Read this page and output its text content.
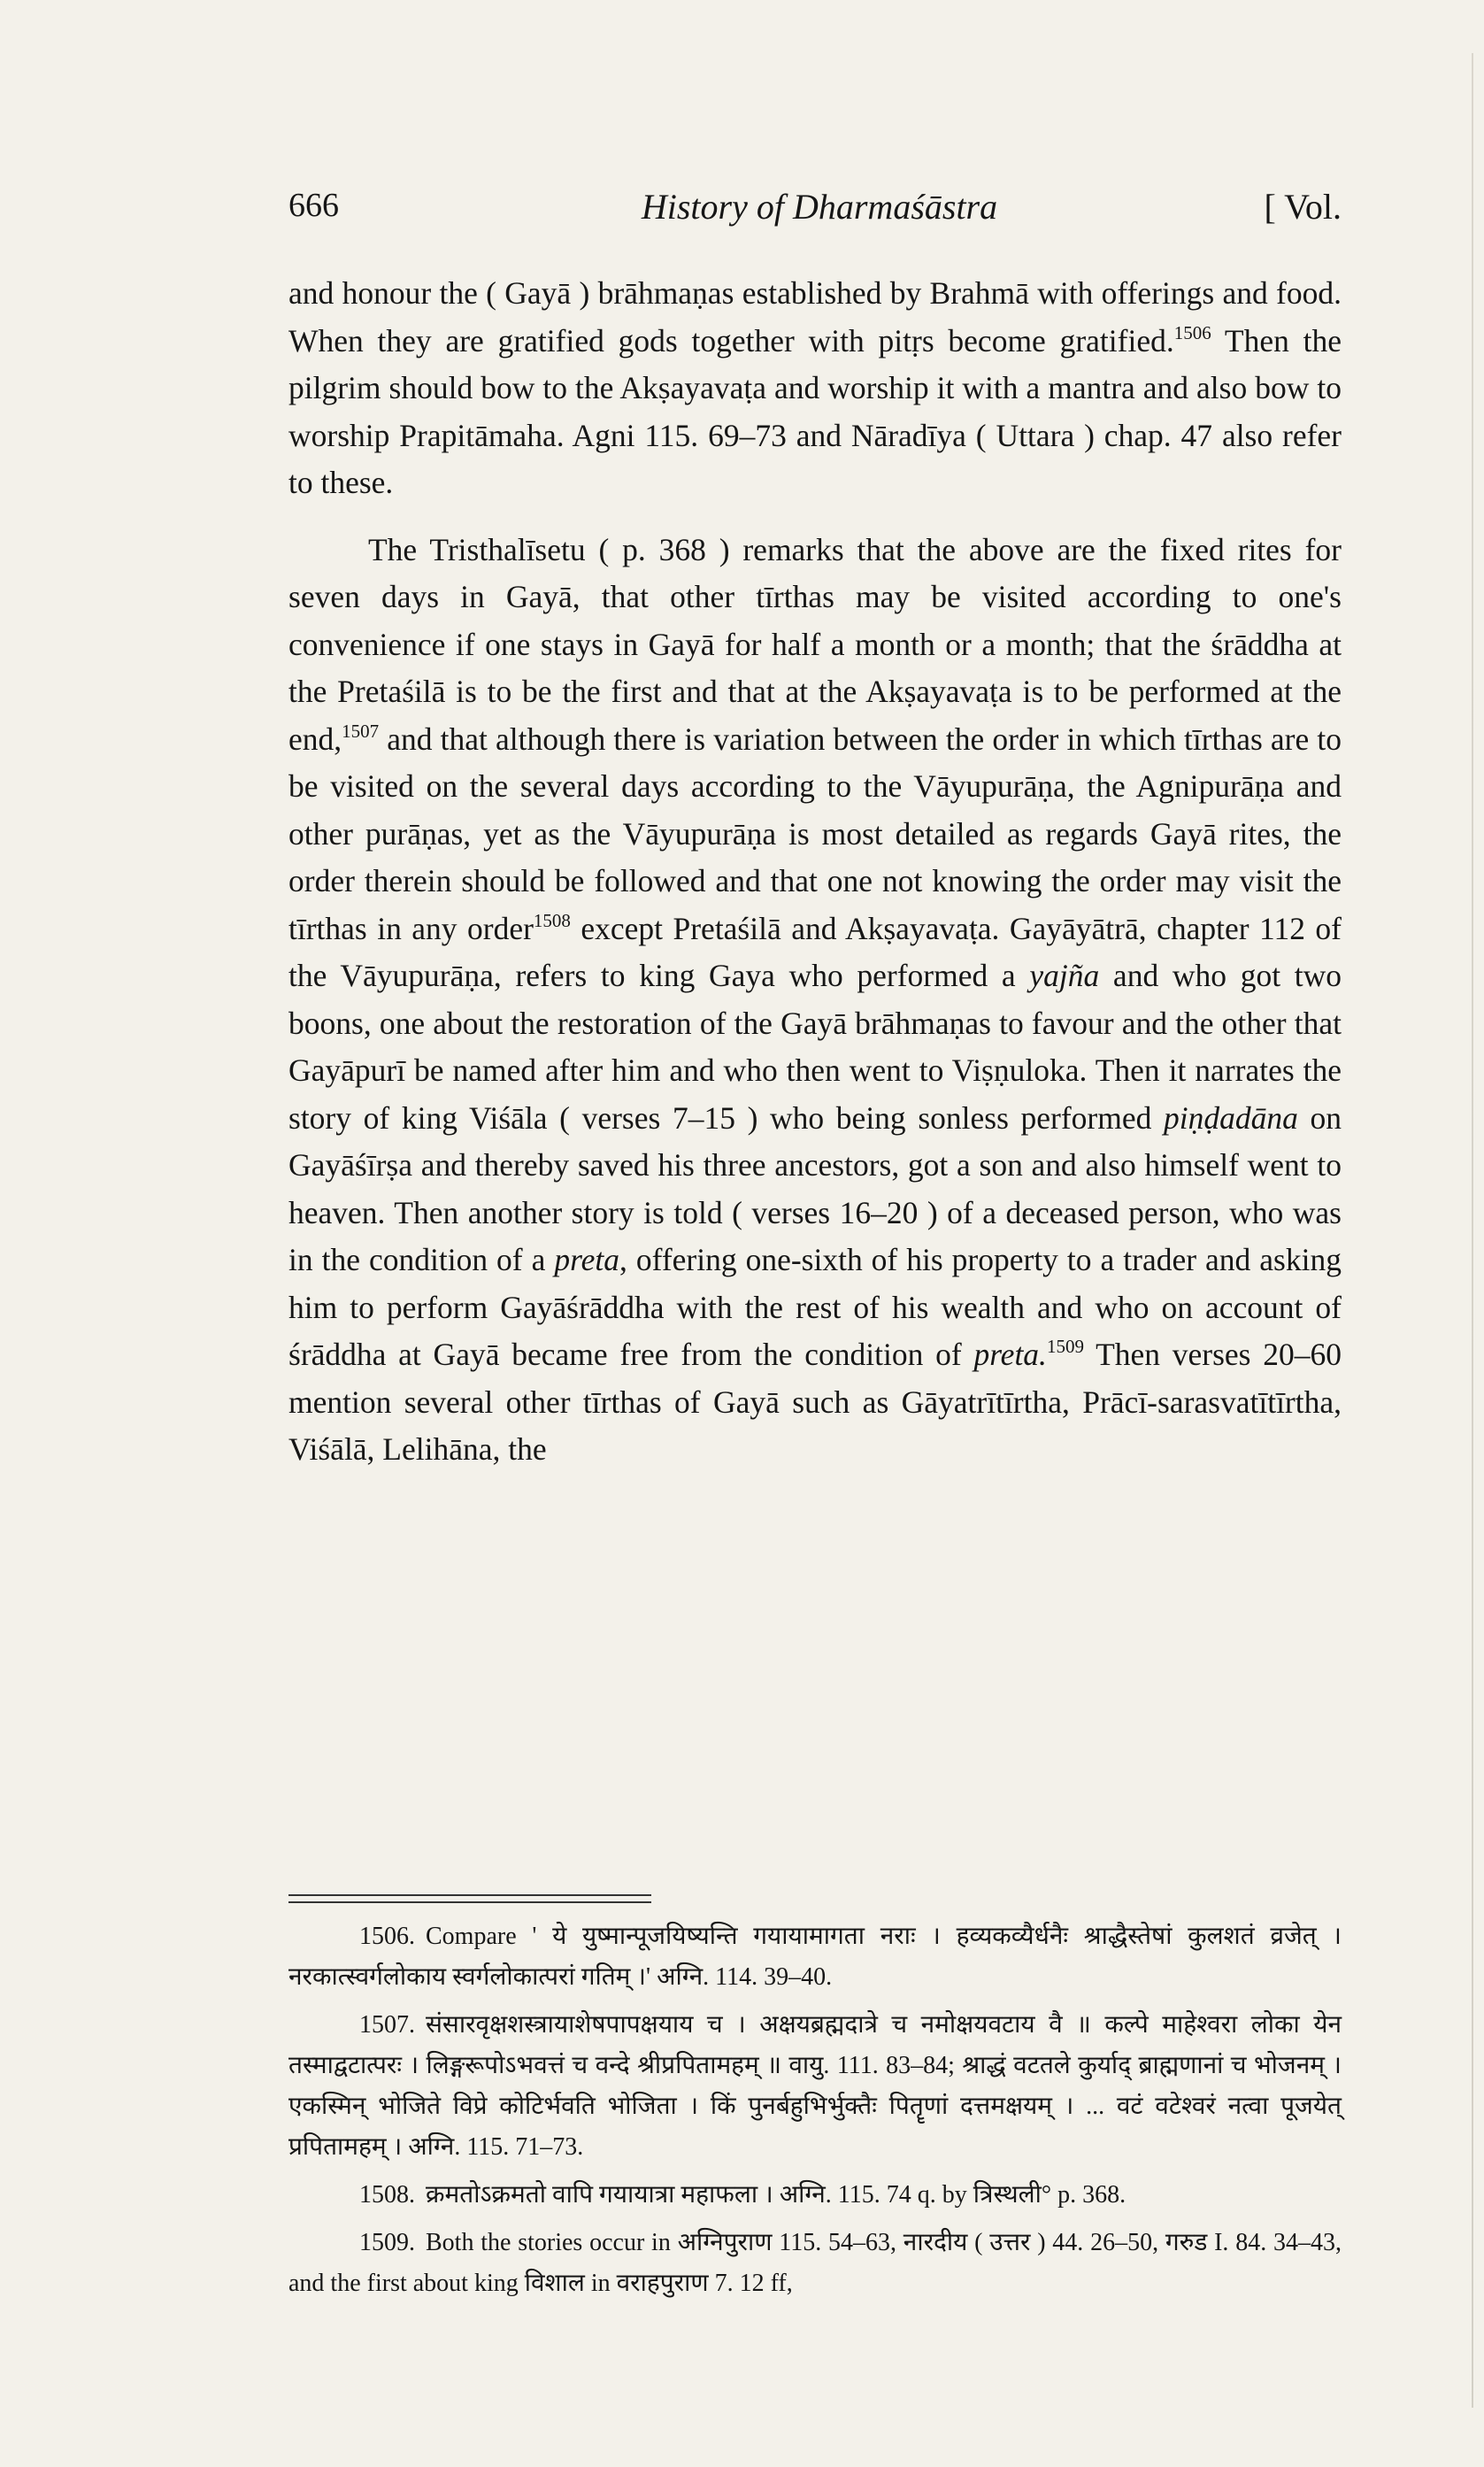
666	History of Dharmaśāstra	[ Vol.

and honour the ( Gayā ) brāhmaṇas established by Brahmā with offerings and food. When they are gratified gods together with pitṛs become gratified.$^{1506}$ Then the pilgrim should bow to the Akṣayavaṭa and worship it with a mantra and also bow to worship Prapitāmaha. Agni 115. 69–73 and Nāradīya ( Uttara ) chap. 47 also refer to these.

The Tristhalīsetu ( p. 368 ) remarks that the above are the fixed rites for seven days in Gayā, that other tīrthas may be visited according to one's convenience if one stays in Gayā for half a month or a month; that the śrāddha at the Pretaśilā is to be the first and that at the Akṣayavaṭa is to be performed at the end,$^{1507}$ and that although there is variation between the order in which tīrthas are to be visited on the several days according to the Vāyupurāṇa, the Agnipurāṇa and other purāṇas, yet as the Vāyupurāṇa is most detailed as regards Gayā rites, the order therein should be followed and that one not knowing the order may visit the tīrthas in any order$^{1508}$ except Pretaśilā and Akṣayavaṭa. Gayāyātrā, chapter 112 of the Vāyupurāṇa, refers to king Gaya who performed a yajña and who got two boons, one about the restoration of the Gayā brāhmaṇas to favour and the other that Gayāpurī be named after him and who then went to Viṣṇuloka. Then it narrates the story of king Viśāla ( verses 7–15 ) who being sonless performed piṇḍadāna on Gayāśīrṣa and thereby saved his three ancestors, got a son and also himself went to heaven. Then another story is told ( verses 16–20 ) of a deceased person, who was in the condition of a preta, offering one-sixth of his property to a trader and asking him to perform Gayāśrāddha with the rest of his wealth and who on account of śrāddha at Gayā became free from the condition of preta.$^{1509}$ Then verses 20–60 mention several other tīrthas of Gayā such as Gāyatrītīrtha, Prācī-sarasvatītīrtha, Viśālā, Lelihāna, the

1506. Compare ' ये युष्मान्पूजयिष्यन्ति गयायामागता नराः । हव्यकव्यैर्धनैः श्राद्धैस्तेषां कुलशतं व्रजेत् । नरकात्स्वर्गलोकाय स्वर्गलोकात्परां गतिम् ।' अग्नि. 114. 39–40.

1507. संसारवृक्षशस्त्रायाशेषपापक्षयाय च । अक्षयब्रह्मदात्रे च नमोक्षयवटाय वै ॥ कल्पे माहेश्वरा लोका येन तस्माद्वटात्परः । लिङ्गरूपोऽभवत्तं च वन्दे श्रीप्रपितामहम् ॥ वायु. 111. 83–84; श्राद्धं वटतले कुर्याद् ब्राह्मणानां च भोजनम् । एकस्मिन् भोजिते विप्रे कोटिर्भवति भोजिता । किं पुनर्बहुभिर्भुक्तैः पितॄणां दत्तमक्षयम् । ... वटं वटेश्वरं नत्वा पूजयेत् प्रपितामहम् । अग्नि. 115. 71–73.

1508. क्रमतोऽक्रमतो वापि गयायात्रा महाफला । अग्नि. 115. 74 q. by त्रिस्थली° p. 368.

1509. Both the stories occur in अग्निपुराण 115. 54–63, नारदीय ( उत्तर ) 44. 26–50, गरुड I. 84. 34–43, and the first about king विशाल in वराहपुराण 7. 12 ff,
